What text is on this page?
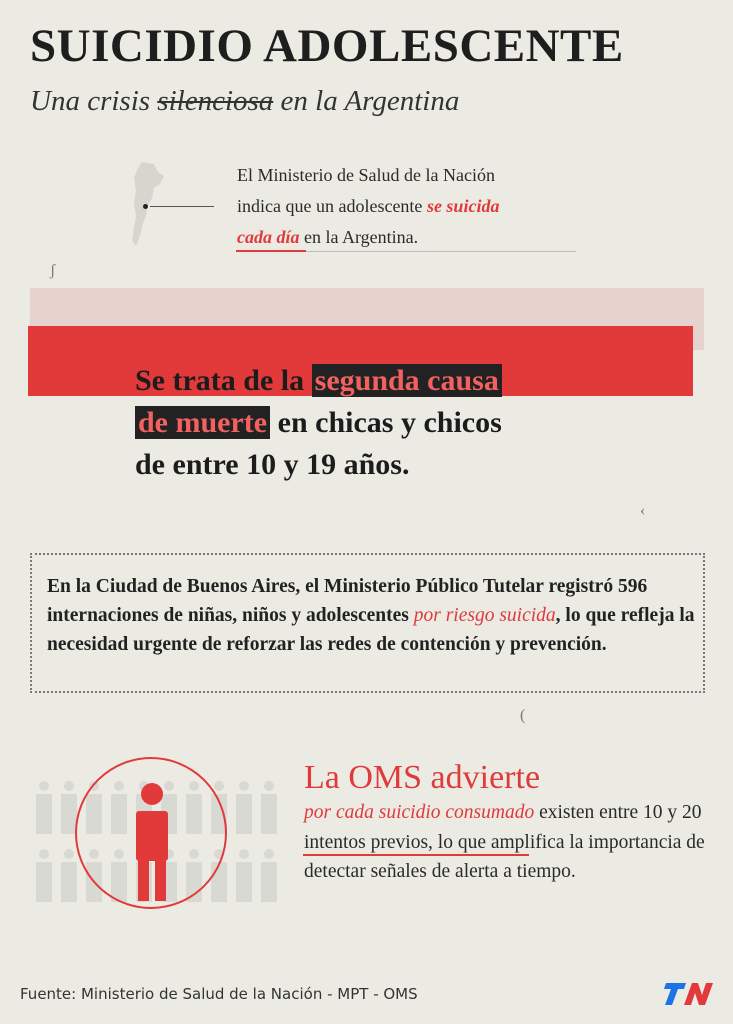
SUICIDIO ADOLESCENTE
Una crisis silenciosa en la Argentina
El Ministerio de Salud de la Nación
indica que un adolescente se suicida
cada día en la Argentina.
ʃ
Se trata de la segunda causa
de muerte en chicas y chicos
de entre 10 y 19 años.
‹
En la Ciudad de Buenos Aires, el Ministerio Público Tutelar registró 596 internaciones de niñas, niños y adolescentes por riesgo suicida, lo que refleja la necesidad urgente de reforzar las redes de contención y prevención.
(
La OMS advierte
por cada suicidio consumado existen entre 10 y 20 intentos previos, lo que amplifica la importancia de detectar señales de alerta a tiempo.
Fuente: Ministerio de Salud de la Nación - MPT - OMS
